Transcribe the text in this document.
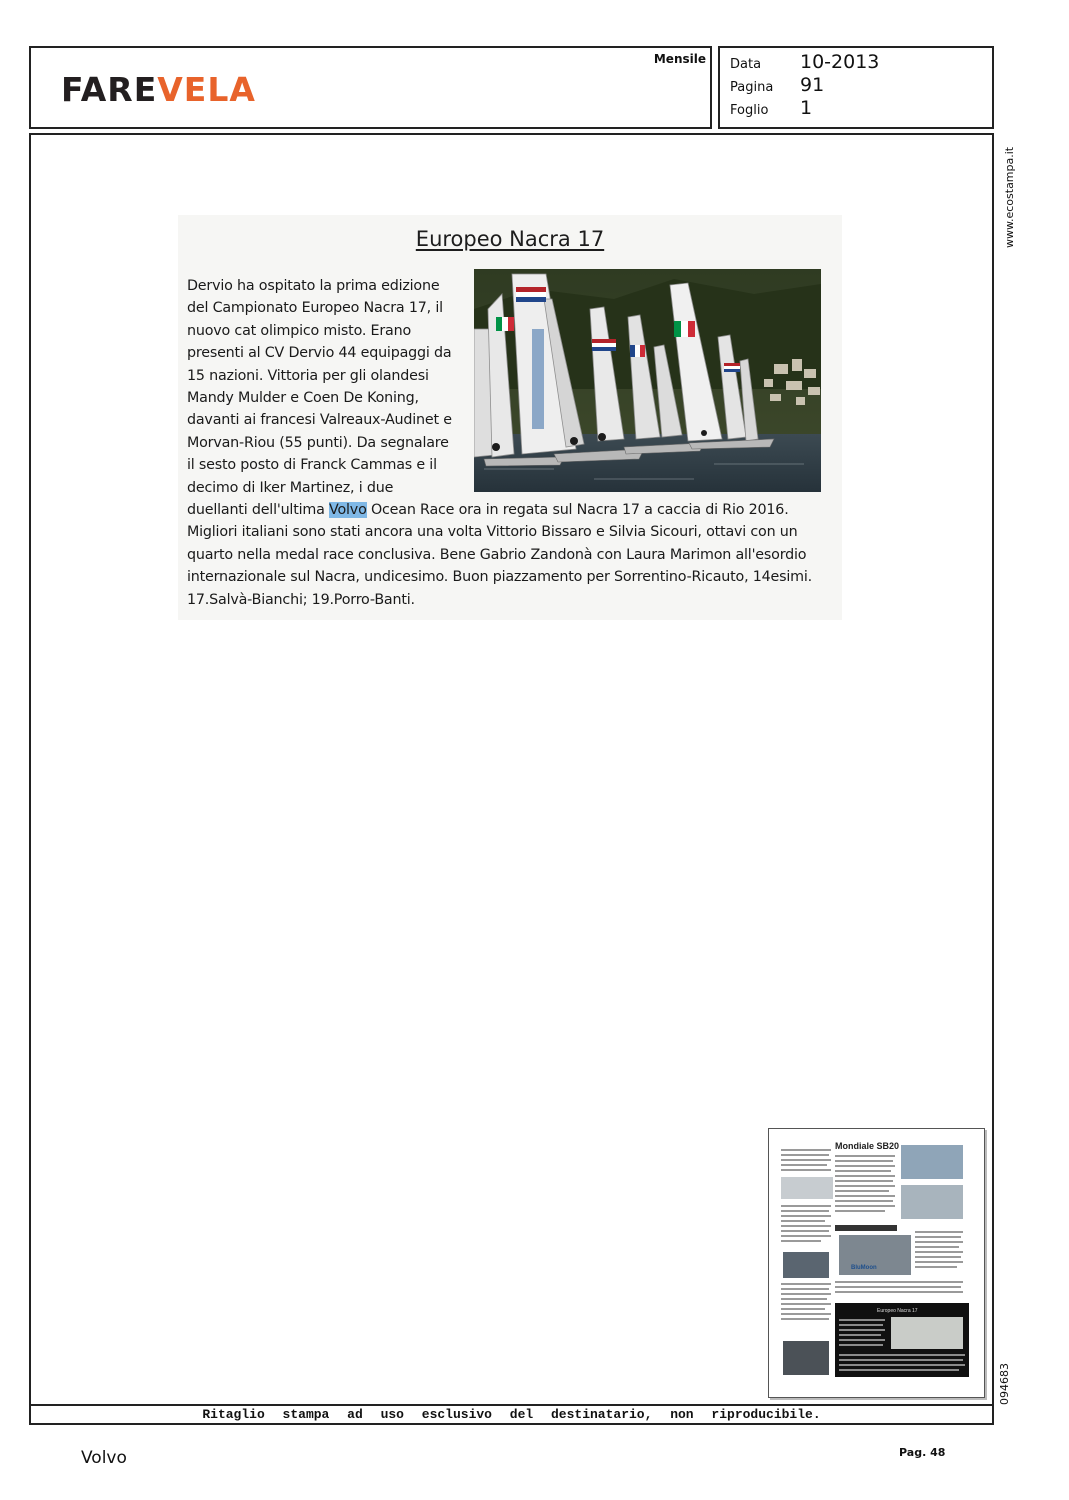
FAREVELA
Mensile Data 10-2013
Pagina 91
Foglio 1
www.ecostampa.it
094683
Ritaglio stampa ad uso esclusivo del destinatario, non riproducibile.
Europeo Nacra 17
Dervio ha ospitato la prima edizione del Campionato Europeo Nacra 17, il nuovo cat olimpico misto. Erano presenti al CV Dervio 44 equipaggi da 15 nazioni. Vittoria per gli olandesi Mandy Mulder e Coen De Koning, davanti ai francesi Valreaux-Audinet e Morvan-Riou (55 punti). Da segnalare il sesto posto di Franck Cammas e il decimo di Iker Martinez, i due duellanti dell'ultima Volvo Ocean Race ora in regata sul Nacra 17 a caccia di Rio 2016. Migliori italiani sono stati ancora una volta Vittorio Bissaro e Silvia Sicouri, ottavi con un quarto nella medal race conclusiva. Bene Gabrio Zandonà con Laura Marimon all'esordio internazionale sul Nacra, undicesimo. Buon piazzamento per Sorrentino-Ricauto, 14esimi. 17.Salvà-Bianchi; 19.Porro-Banti.
Mondiale SB20
BluMoon
Europeo Nacra 17
Volvo	Pag. 48
